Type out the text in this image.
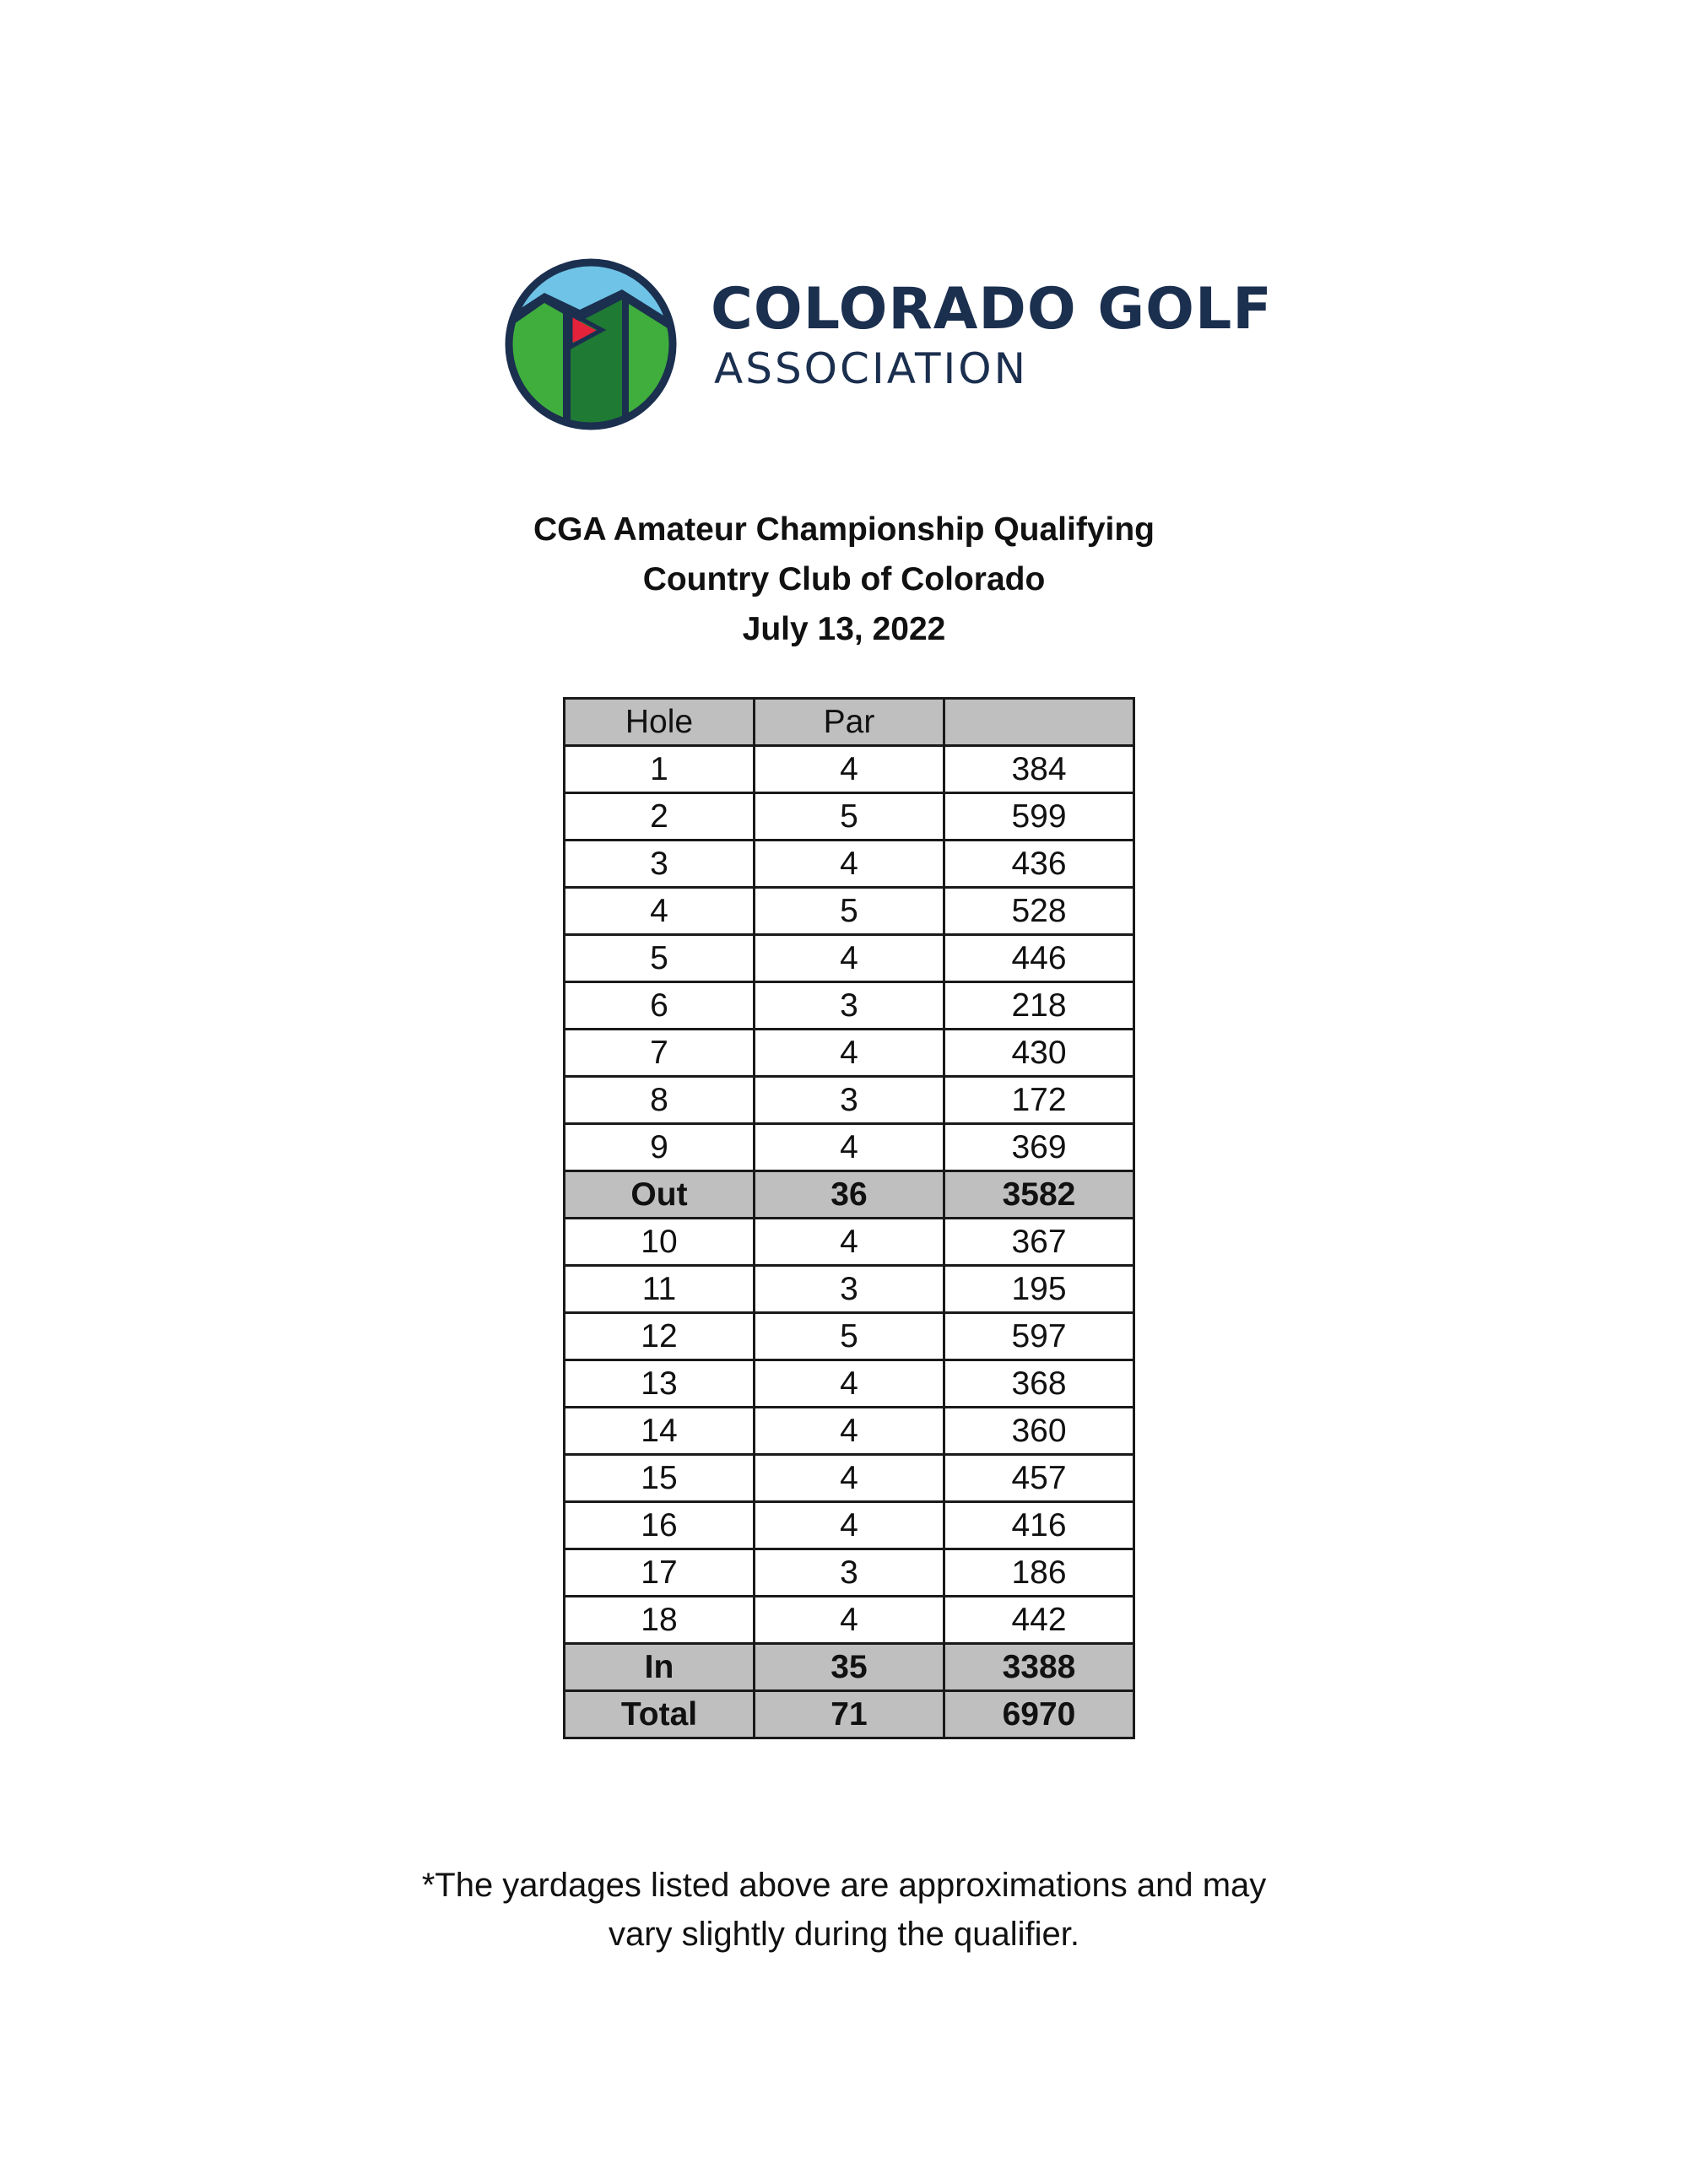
COLORADO GOLF
ASSOCIATION
CGA Amateur Championship Qualifying
Country Club of Colorado
July 13, 2022
Hole	Par	
1	4	384
2	5	599
3	4	436
4	5	528
5	4	446
6	3	218
7	4	430
8	3	172
9	4	369
Out	36	3582
10	4	367
11	3	195
12	5	597
13	4	368
14	4	360
15	4	457
16	4	416
17	3	186
18	4	442
In	35	3388
Total	71	6970
*The yardages listed above are approximations and may
vary slightly during the qualifier.
